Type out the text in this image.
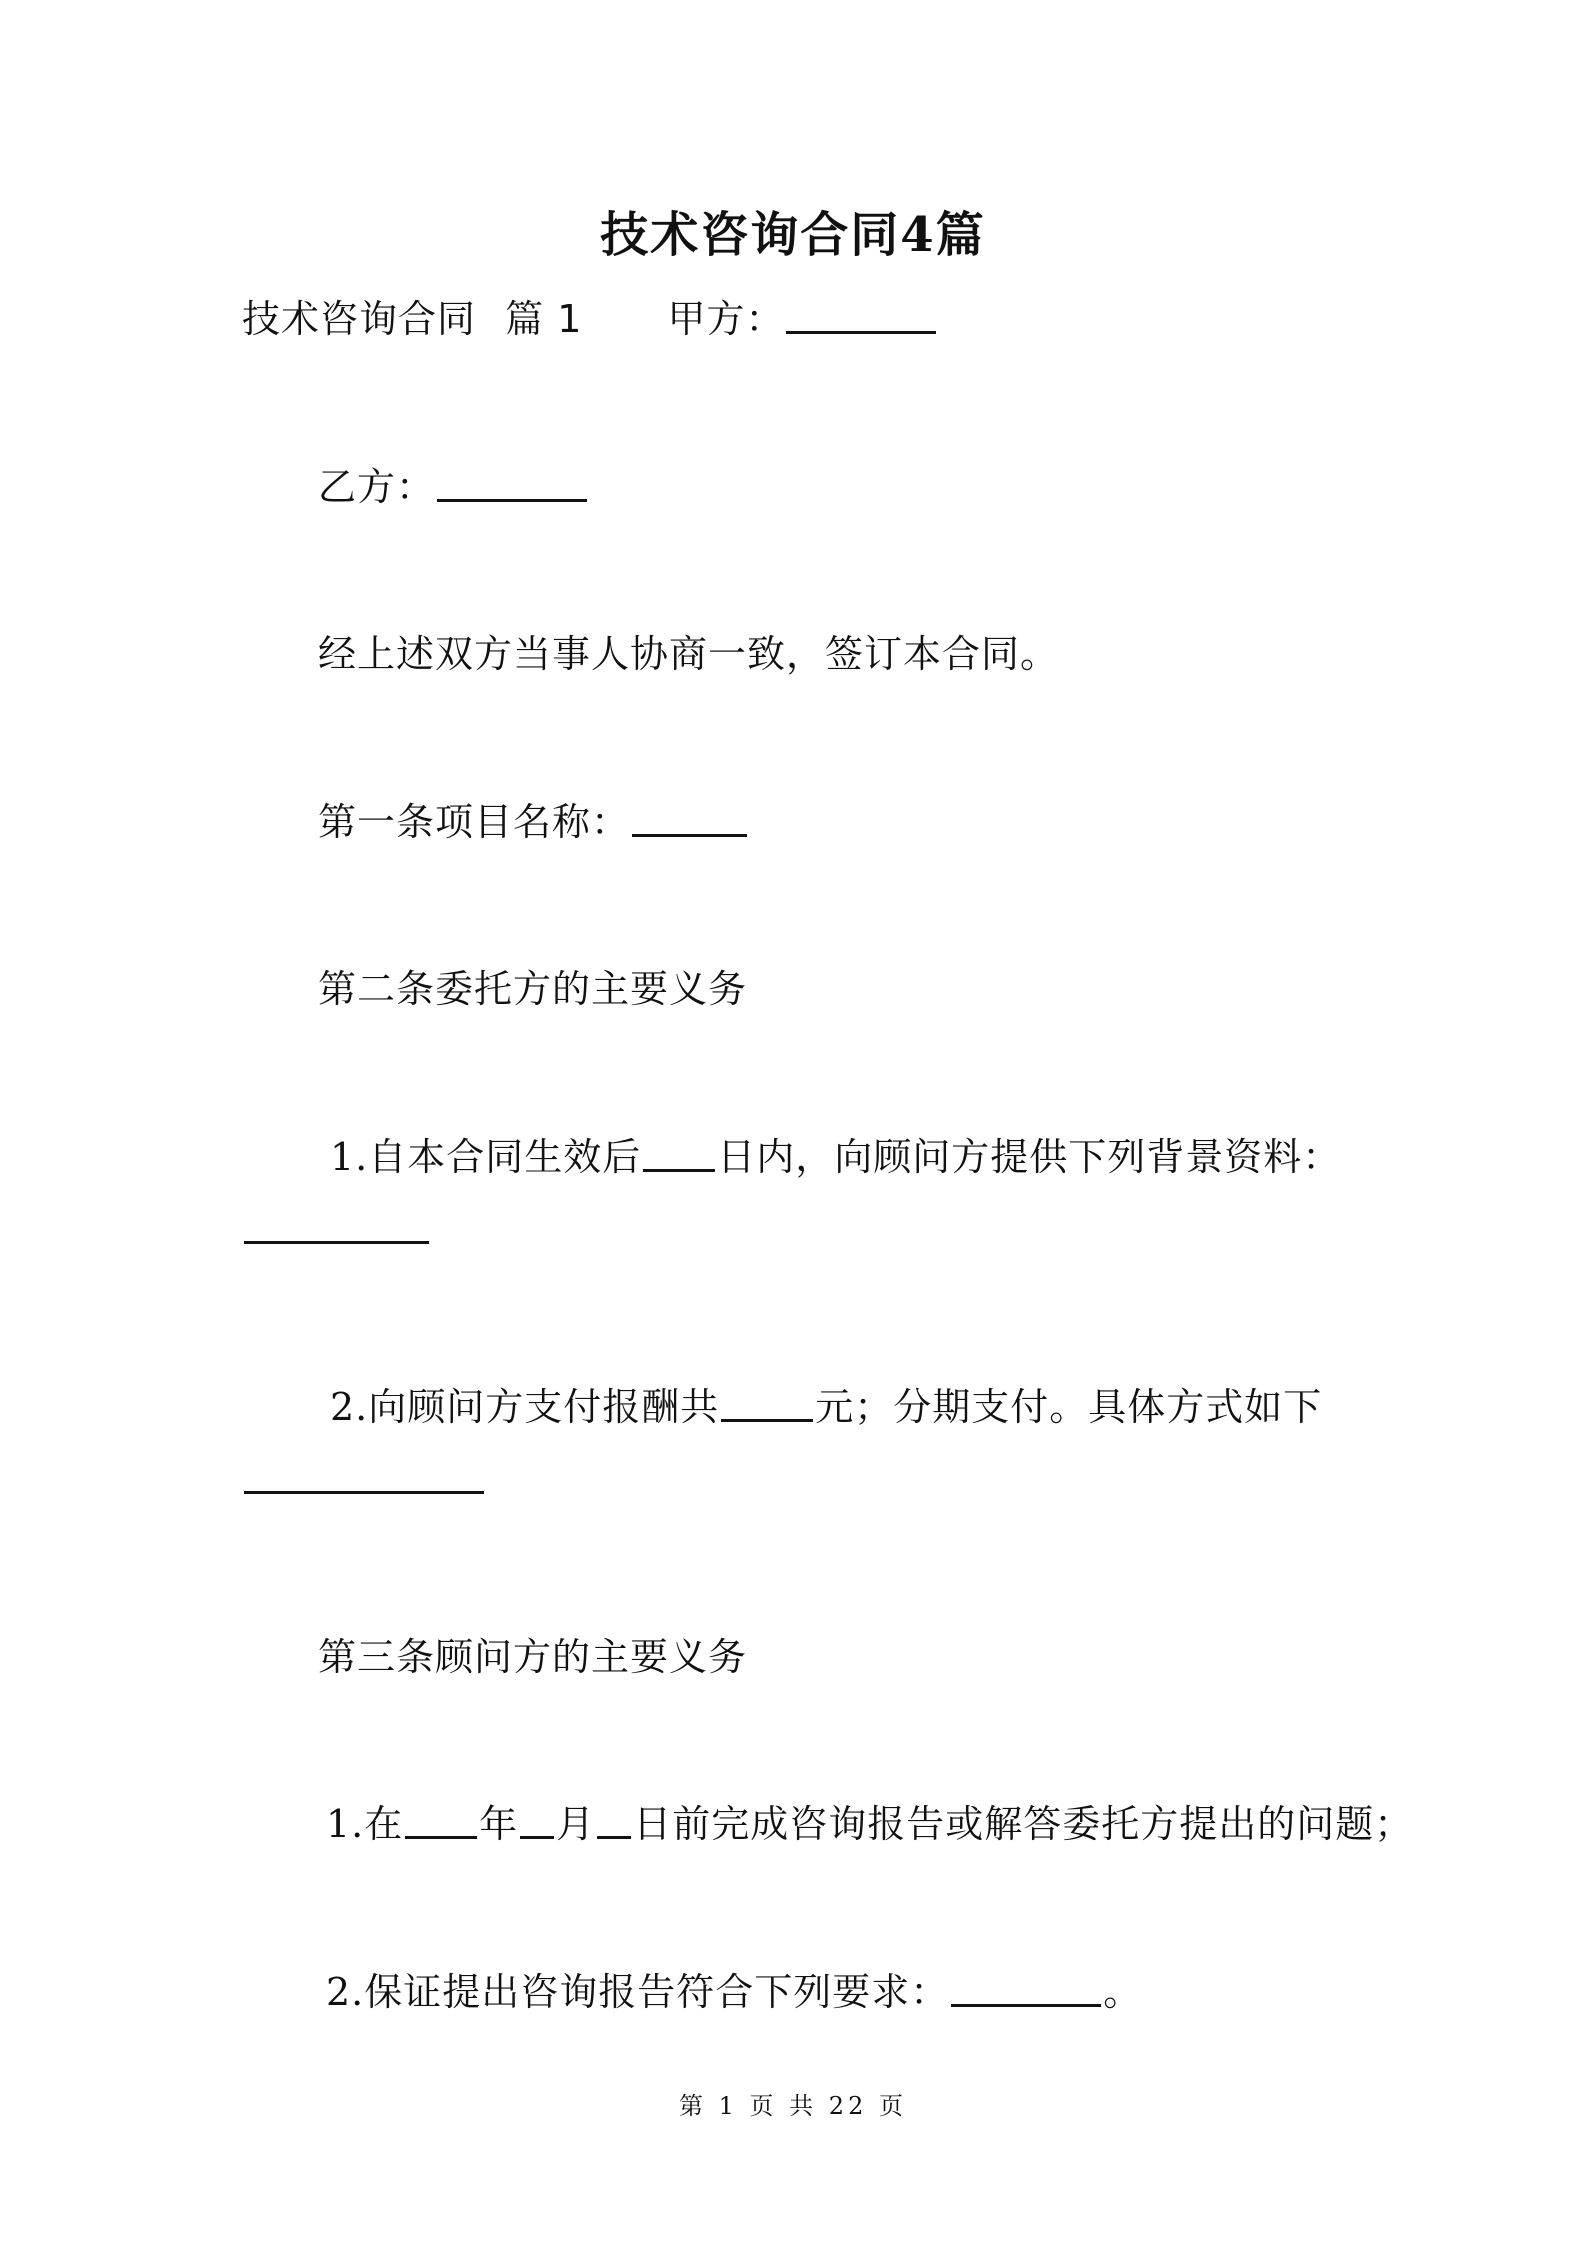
技术咨询合同4篇
技术咨询合同 篇 1 甲方：
乙方：
经上述双方当事人协商一致，签订本合同。
第一条项目名称：
第二条委托方的主要义务
1.自本合同生效后 日内，向顾问方提供下列背景资料：
2.向顾问方支付报酬共	元；分期支付。具体方式如下
第三条顾问方的主要义务
1.在 年 月 日前完成咨询报告或解答委托方提出的问题；
2.保证提出咨询报告符合下列要求：	。
第 1 页 共 22 页
